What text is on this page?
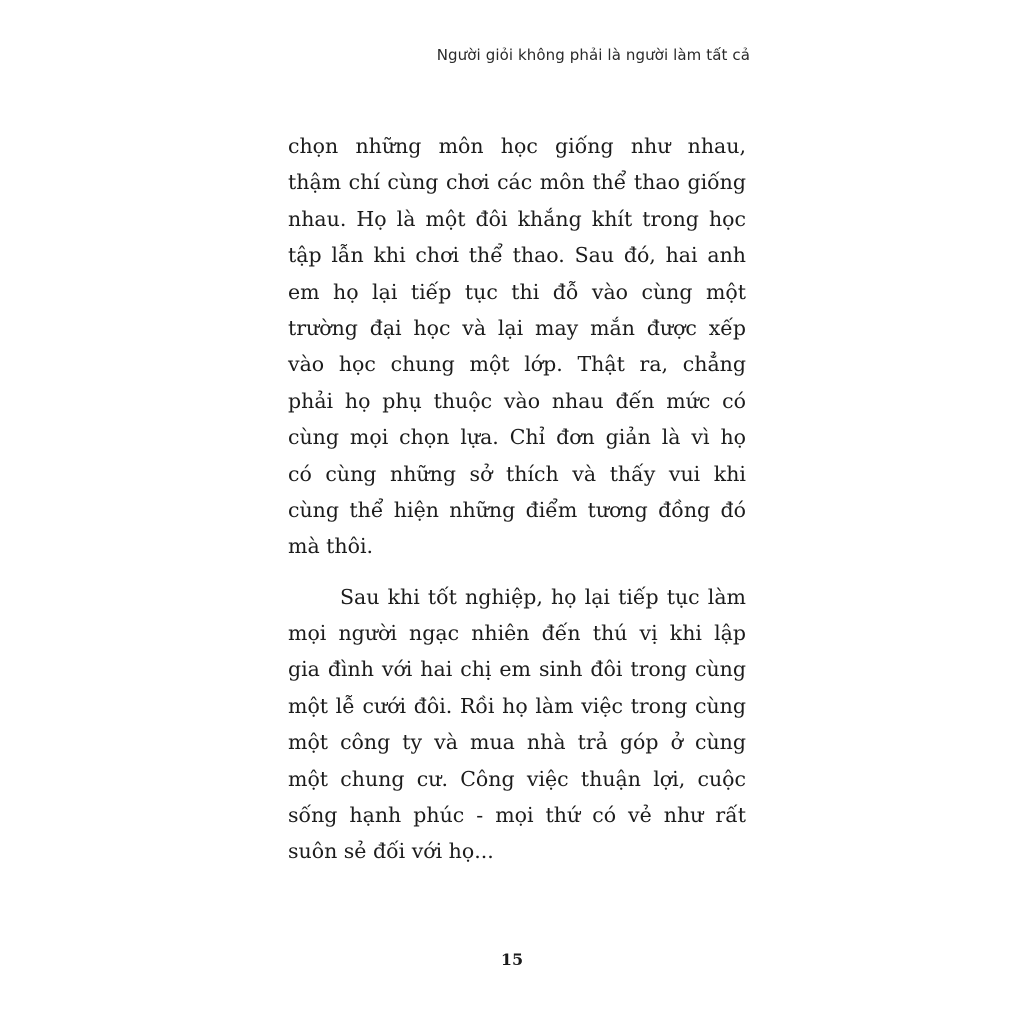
Người giỏi không phải là người làm tất cả

chọn những môn học giống như nhau,
thậm chí cùng chơi các môn thể thao giống
nhau. Họ là một đôi khắng khít trong học
tập lẫn khi chơi thể thao. Sau đó, hai anh
em họ lại tiếp tục thi đỗ vào cùng một
trường đại học và lại may mắn được xếp
vào học chung một lớp. Thật ra, chẳng
phải họ phụ thuộc vào nhau đến mức có
cùng mọi chọn lựa. Chỉ đơn giản là vì họ
có cùng những sở thích và thấy vui khi
cùng thể hiện những điểm tương đồng đó
mà thôi.

Sau khi tốt nghiệp, họ lại tiếp tục làm
mọi người ngạc nhiên đến thú vị khi lập
gia đình với hai chị em sinh đôi trong cùng
một lễ cưới đôi. Rồi họ làm việc trong cùng
một công ty và mua nhà trả góp ở cùng
một chung cư. Công việc thuận lợi, cuộc
sống hạnh phúc - mọi thứ có vẻ như rất
suôn sẻ đối với họ...

15
